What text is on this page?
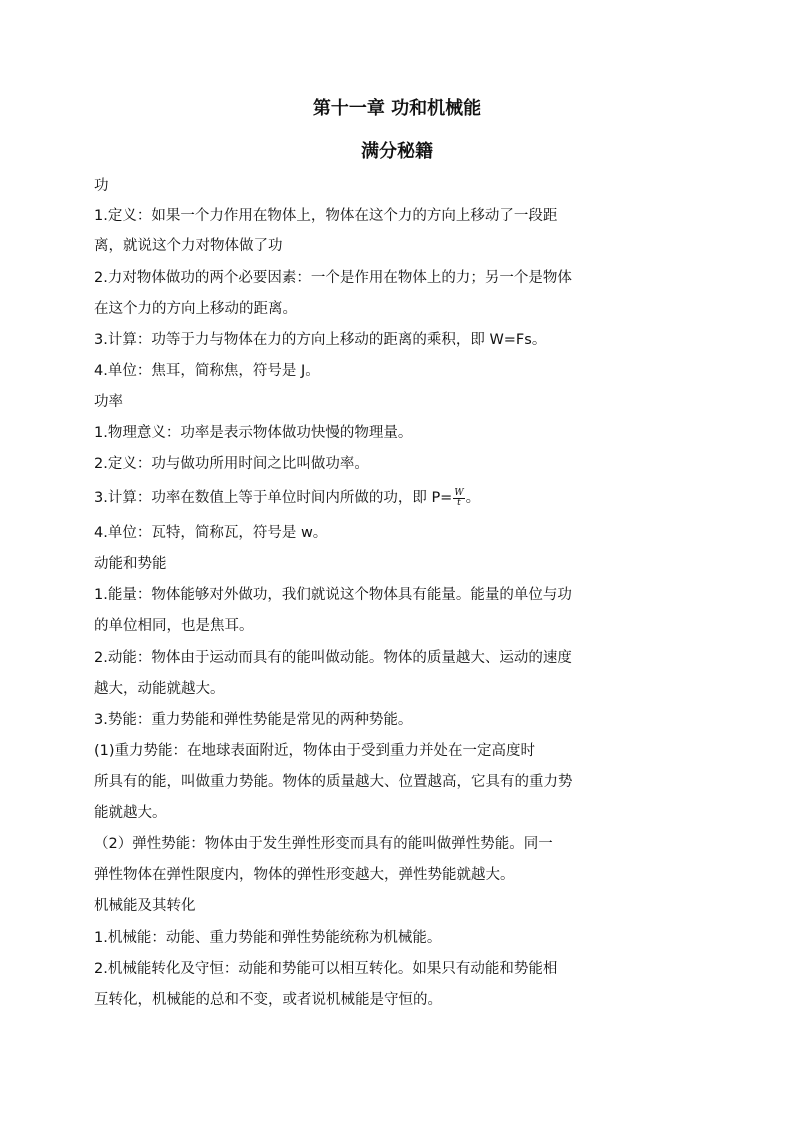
第十一章 功和机械能
满分秘籍
功
1.定义：如果一个力作用在物体上，物体在这个力的方向上移动了一段距
离，就说这个力对物体做了功
2.力对物体做功的两个必要因素：一个是作用在物体上的力；另一个是物体
在这个力的方向上移动的距离。
3.计算：功等于力与物体在力的方向上移动的距离的乘积，即 W=Fs。
4.单位：焦耳，简称焦，符号是 J。
功率
1.物理意义：功率是表示物体做功快慢的物理量。
2.定义：功与做功所用时间之比叫做功率。
3.计算：功率在数值上等于单位时间内所做的功，即 $P= \frac{W}{t}$ 。
4.单位：瓦特，简称瓦，符号是 w。
动能和势能
1.能量：物体能够对外做功，我们就说这个物体具有能量。能量的单位与功
的单位相同，也是焦耳。
2.动能：物体由于运动而具有的能叫做动能。物体的质量越大、运动的速度
越大，动能就越大。
3.势能：重力势能和弹性势能是常见的两种势能。
(1)重力势能：在地球表面附近，物体由于受到重力并处在一定高度时
所具有的能，叫做重力势能。物体的质量越大、位置越高，它具有的重力势
能就越大。
（2）弹性势能：物体由于发生弹性形变而具有的能叫做弹性势能。同一
弹性物体在弹性限度内，物体的弹性形变越大，弹性势能就越大。
机械能及其转化
1.机械能：动能、重力势能和弹性势能统称为机械能。
2.机械能转化及守恒：动能和势能可以相互转化。如果只有动能和势能相
互转化，机械能的总和不变，或者说机械能是守恒的。
